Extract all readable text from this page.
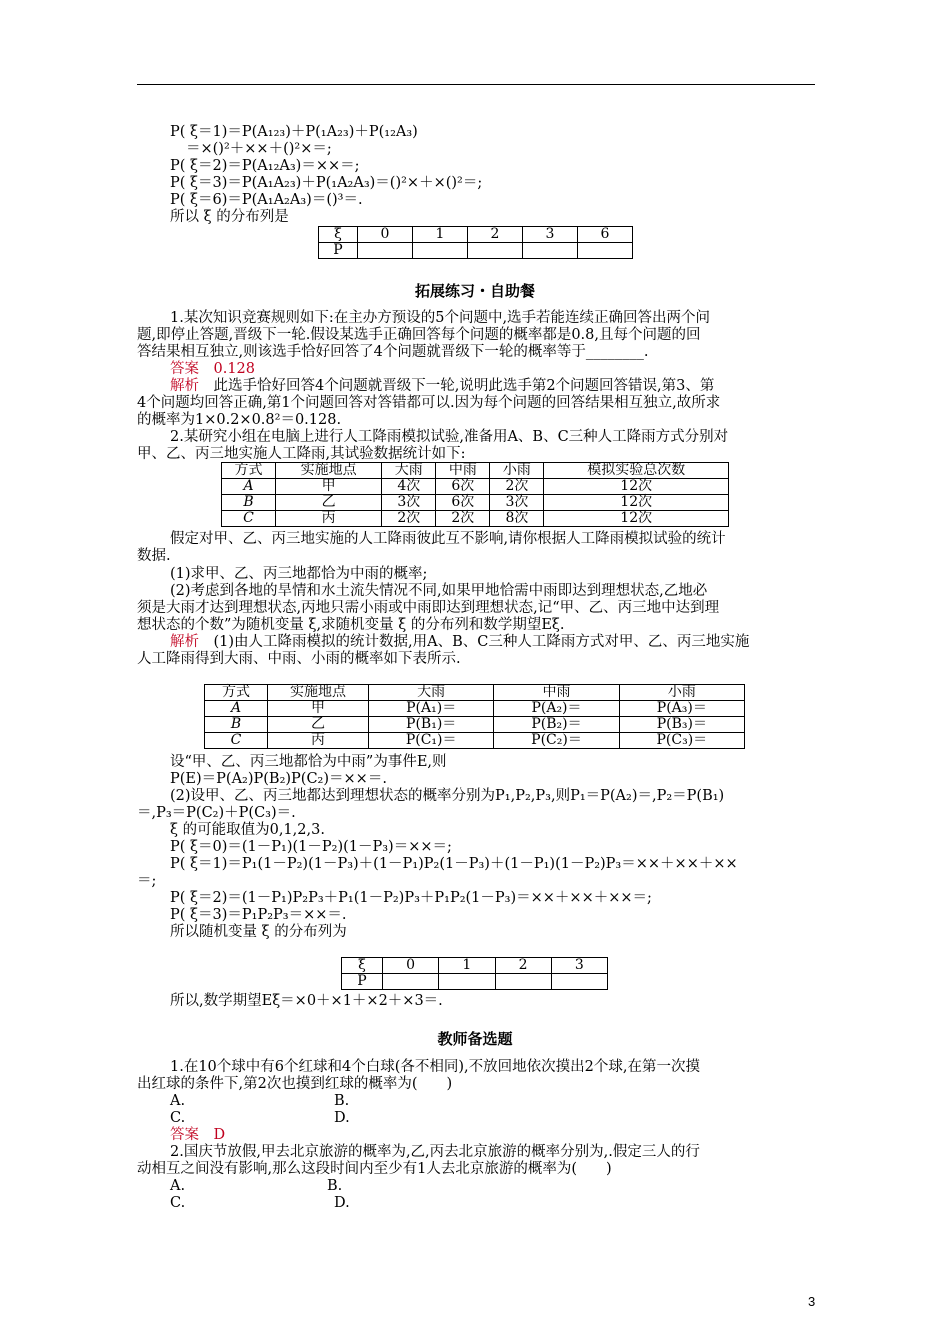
P( ξ＝1)＝P(A₁₂₃)＋P(₁A₂₃)＋P(₁₂A₃)
＝×()²＋××＋()²×＝;
P( ξ＝2)＝P(A₁₂A₃)＝××＝;
P( ξ＝3)＝P(A₁A₂₃)＋P(₁A₂A₃)＝()²×＋×()²＝;
P( ξ＝6)＝P(A₁A₂A₃)＝()³＝.
所以 ξ 的分布列是
ξ	0	1	2	3	6
P					
拓展练习・自助餐
1.某次知识竞赛规则如下:在主办方预设的5个问题中,选手若能连续正确回答出两个问
题,即停止答题,晋级下一轮.假设某选手正确回答每个问题的概率都是0.8,且每个问题的回
答结果相互独立,则该选手恰好回答了4个问题就晋级下一轮的概率等于________.
答案　 0.128
解析　 此选手恰好回答4个问题就晋级下一轮,说明此选手第2个问题回答错误,第3、第
4个问题均回答正确,第1个问题回答对答错都可以.因为每个问题的回答结果相互独立,故所求
的概率为1×0.2×0.8²＝0.128.
2.某研究小组在电脑上进行人工降雨模拟试验,准备用A、B、C三种人工降雨方式分别对
甲、乙、丙三地实施人工降雨,其试验数据统计如下:
方式	实施地点	大雨	中雨	小雨	模拟实验总次数
A	甲	4次	6次	2次	12次
B	乙	3次	6次	3次	12次
C	丙	2次	2次	8次	12次
假定对甲、乙、丙三地实施的人工降雨彼此互不影响,请你根据人工降雨模拟试验的统计
数据.
(1)求甲、乙、丙三地都恰为中雨的概率;
(2)考虑到各地的旱情和水土流失情况不同,如果甲地恰需中雨即达到理想状态,乙地必
须是大雨才达到理想状态,丙地只需小雨或中雨即达到理想状态,记“甲、乙、丙三地中达到理
想状态的个数”为随机变量 ξ,求随机变量 ξ 的分布列和数学期望Eξ.
解析　 (1)由人工降雨模拟的统计数据,用A、B、C三种人工降雨方式对甲、乙、丙三地实施
人工降雨得到大雨、中雨、小雨的概率如下表所示.
方式	实施地点	大雨	中雨	小雨
A	甲	P(A₁)＝	P(A₂)＝	P(A₃)＝
B	乙	P(B₁)＝	P(B₂)＝	P(B₃)＝
C	丙	P(C₁)＝	P(C₂)＝	P(C₃)＝
设“甲、乙、丙三地都恰为中雨”为事件E,则
P(E)＝P(A₂)P(B₂)P(C₂)＝××＝.
(2)设甲、乙、丙三地都达到理想状态的概率分别为P₁,P₂,P₃,则P₁＝P(A₂)＝,P₂＝P(B₁)
＝,P₃＝P(C₂)＋P(C₃)＝.
ξ 的可能取值为0,1,2,3.
P( ξ＝0)＝(1－P₁)(1－P₂)(1－P₃)＝××＝;
P( ξ＝1)＝P₁(1－P₂)(1－P₃)＋(1－P₁)P₂(1－P₃)＋(1－P₁)(1－P₂)P₃＝××＋××＋××
＝;
P( ξ＝2)＝(1－P₁)P₂P₃＋P₁(1－P₂)P₃＋P₁P₂(1－P₃)＝××＋××＋××＝;
P( ξ＝3)＝P₁P₂P₃＝××＝.
所以随机变量 ξ 的分布列为
ξ	0	1	2	3
P				
所以,数学期望Eξ＝×0＋×1＋×2＋×3＝.
教师备选题
1.在10个球中有6个红球和4个白球(各不相同),不放回地依次摸出2个球,在第一次摸
出红球的条件下,第2次也摸到红球的概率为(　　)
A.	B.
C.	D.
答案　 D
2.国庆节放假,甲去北京旅游的概率为,乙,丙去北京旅游的概率分别为,.假定三人的行
动相互之间没有影响,那么这段时间内至少有1人去北京旅游的概率为(　　)
A.	B.
C.	D.
3
